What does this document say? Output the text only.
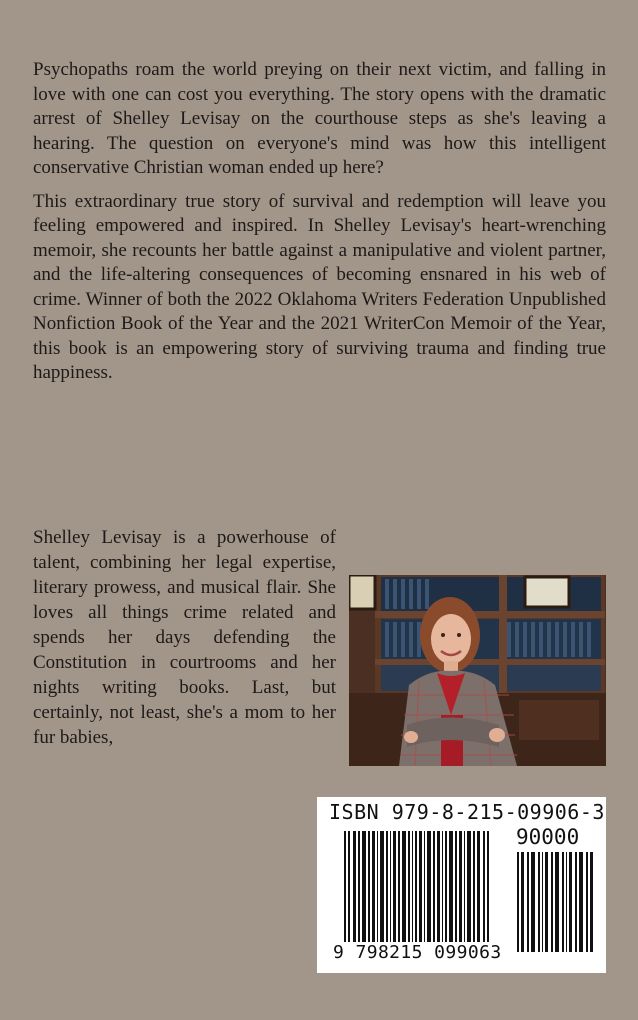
Psychopaths roam the world preying on their next victim, and falling in love with one can cost you everything. The story opens with the dramatic arrest of Shelley Levisay on the courthouse steps as she's leaving a hearing. The question on everyone's mind was how this intelligent conservative Christian woman ended up here?

This extraordinary true story of survival and redemption will leave you feeling empowered and inspired. In Shelley Levisay's heart-wrenching memoir, she recounts her battle against a manipulative and violent partner, and the life-altering consequences of becoming ensnared in his web of crime. Winner of both the 2022 Oklahoma Writers Federation Unpublished Nonfiction Book of the Year and the 2021 WriterCon Memoir of the Year, this book is an empowering story of surviving trauma and finding true happiness.

Shelley Levisay is a powerhouse of talent, combining her legal expertise, literary prowess, and musical flair. She loves all things crime related and spends her days defending the Constitution in courtrooms and her nights writing books. Last, but certainly, not least, she's a mom to her fur babies,
ISBN 979-8-215-09906-3
90000
9 798215 099063
